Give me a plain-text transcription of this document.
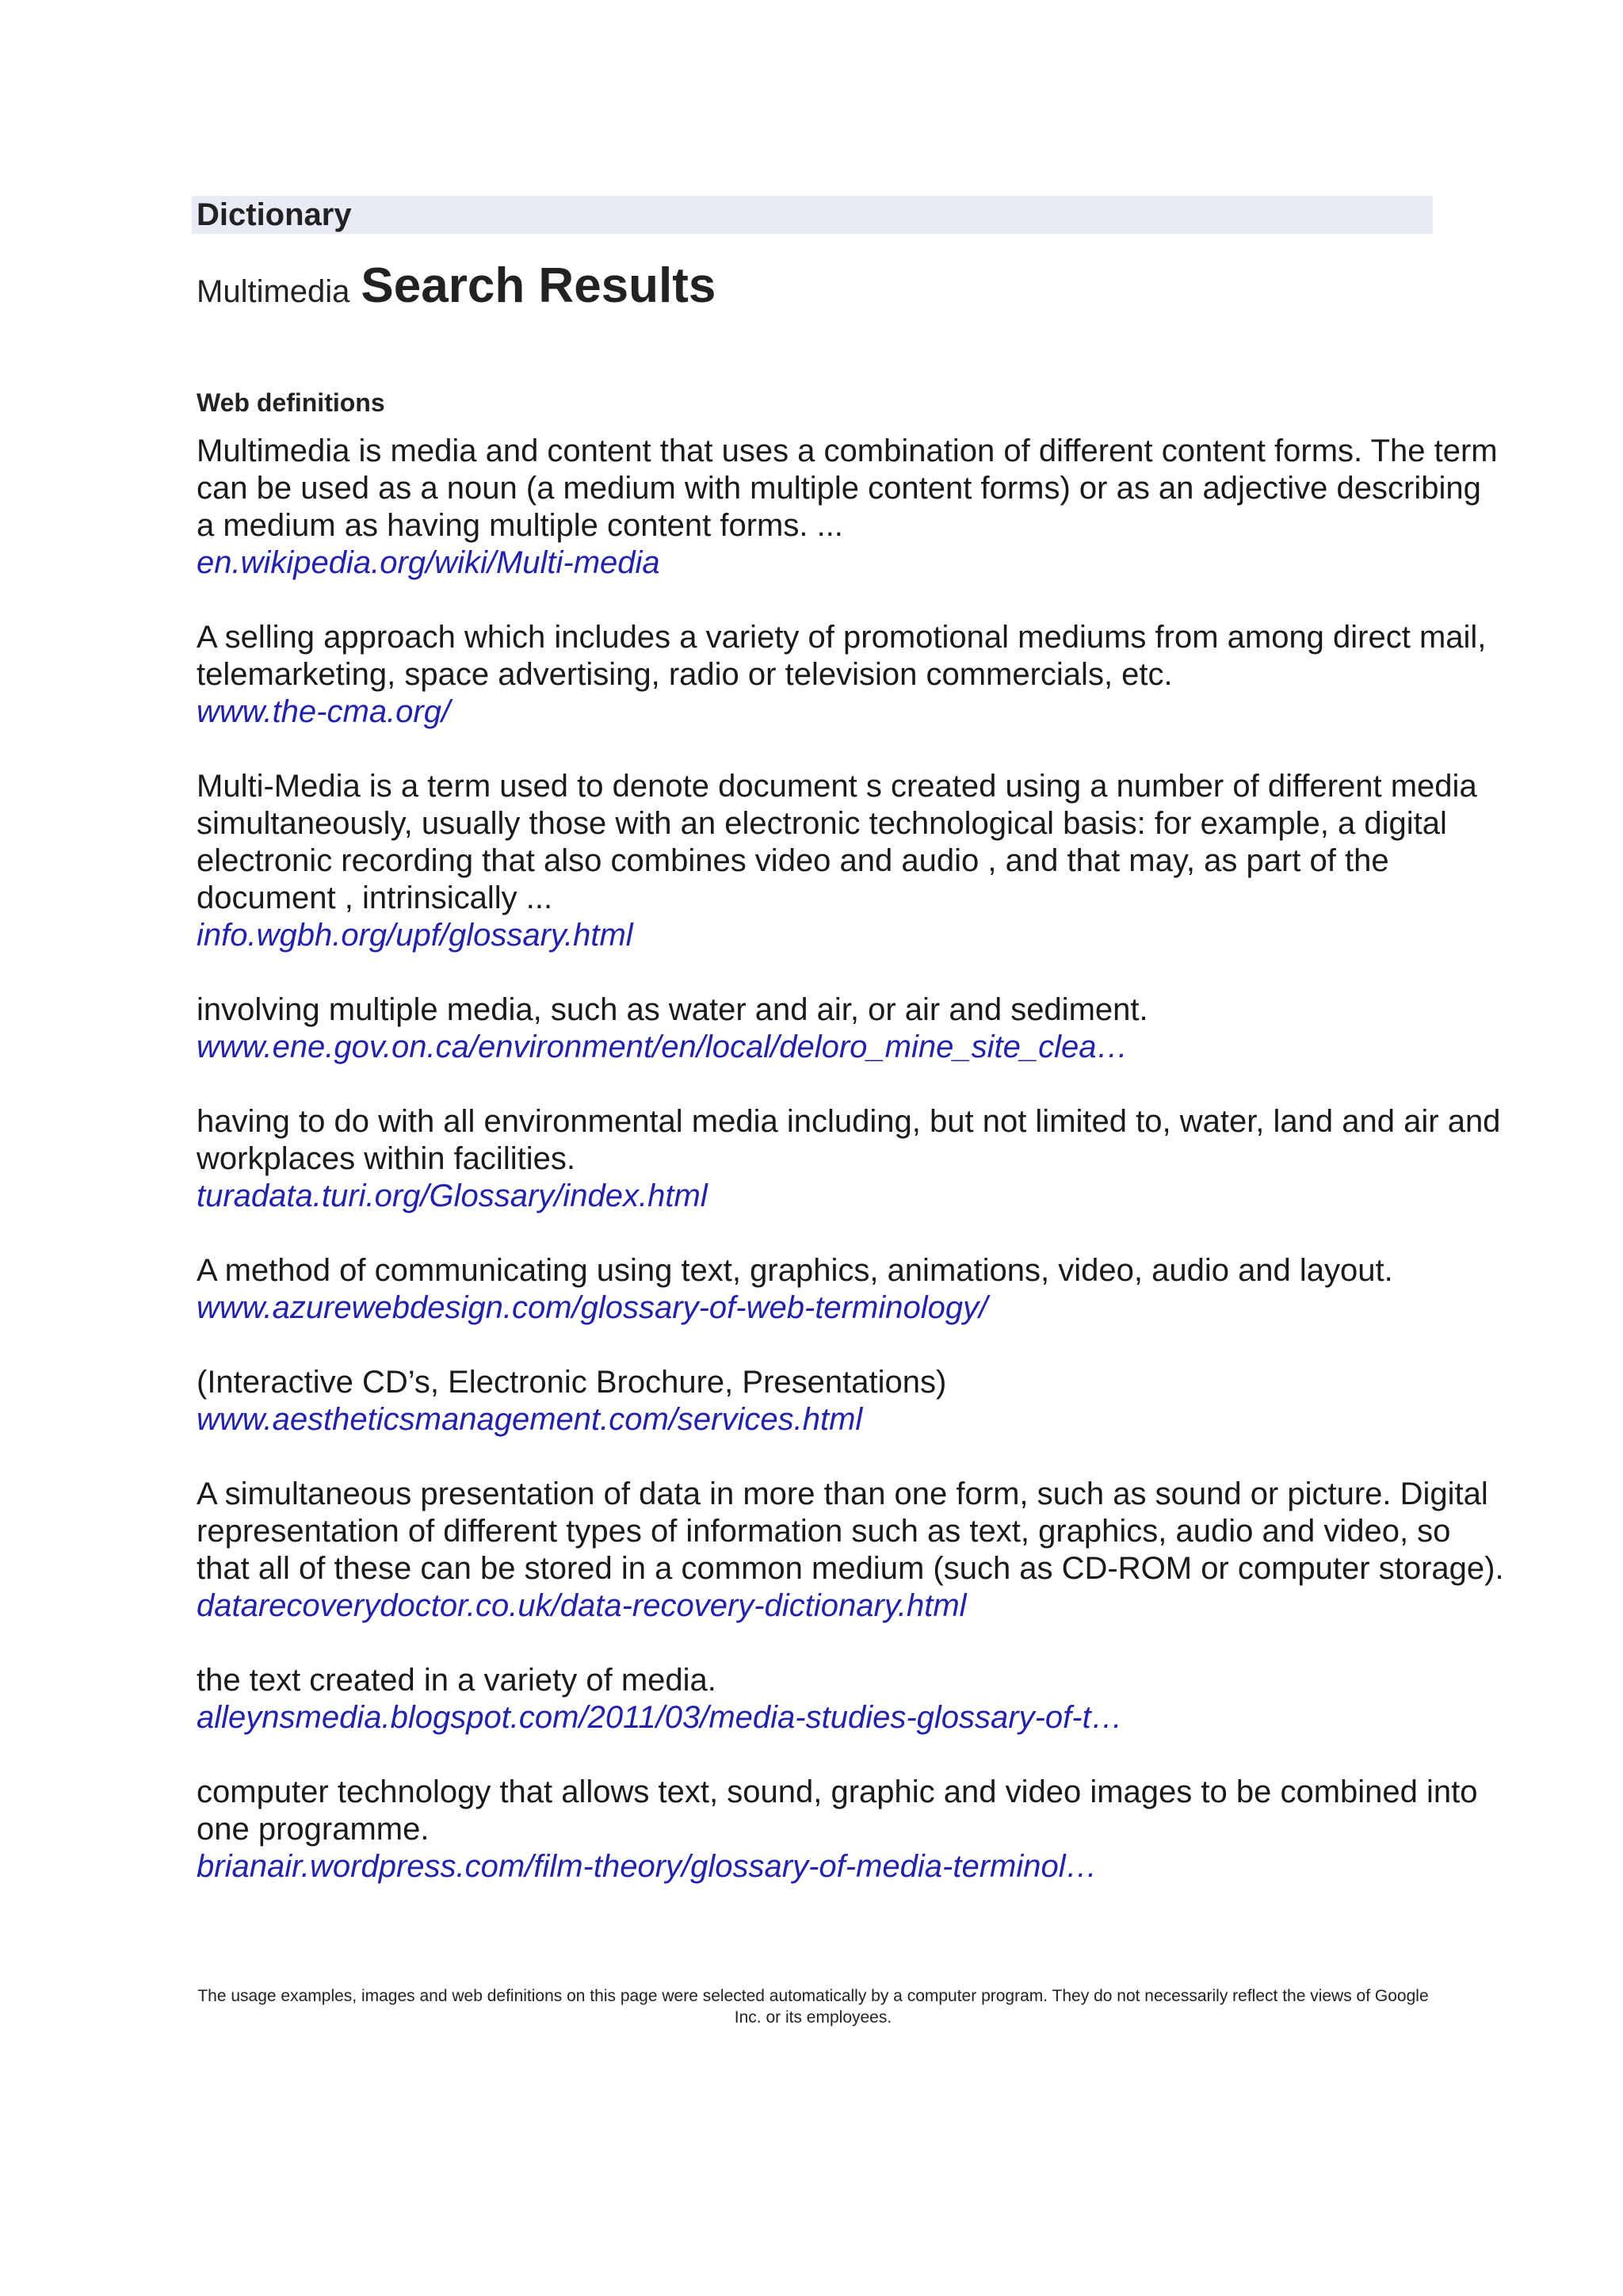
Dictionary
Multimedia Search Results
Web definitions
Multimedia is media and content that uses a combination of different content forms. The term can be used as a noun (a medium with multiple content forms) or as an adjective describing a medium as having multiple content forms. ...
en.wikipedia.org/wiki/Multi-media
A selling approach which includes a variety of promotional mediums from among direct mail, telemarketing, space advertising, radio or television commercials, etc.
www.the-cma.org/
Multi-Media is a term used to denote document s created using a number of different media simultaneously, usually those with an electronic technological basis: for example, a digital electronic recording that also combines video and audio , and that may, as part of the document , intrinsically ...
info.wgbh.org/upf/glossary.html
involving multiple media, such as water and air, or air and sediment.
www.ene.gov.on.ca/environment/en/local/deloro_mine_site_clea…
having to do with all environmental media including, but not limited to, water, land and air and workplaces within facilities.
turadata.turi.org/Glossary/index.html
A method of communicating using text, graphics, animations, video, audio and layout.
www.azurewebdesign.com/glossary-of-web-terminology/
(Interactive CD’s, Electronic Brochure, Presentations)
www.aestheticsmanagement.com/services.html
A simultaneous presentation of data in more than one form, such as sound or picture. Digital representation of different types of information such as text, graphics, audio and video, so that all of these can be stored in a common medium (such as CD-ROM or computer storage).
datarecoverydoctor.co.uk/data-recovery-dictionary.html
the text created in a variety of media.
alleynsmedia.blogspot.com/2011/03/media-studies-glossary-of-t…
computer technology that allows text, sound, graphic and video images to be combined into one programme.
brianair.wordpress.com/film-theory/glossary-of-media-terminol…
The usage examples, images and web definitions on this page were selected automatically by a computer program. They do not necessarily reflect the views of Google Inc. or its employees.
